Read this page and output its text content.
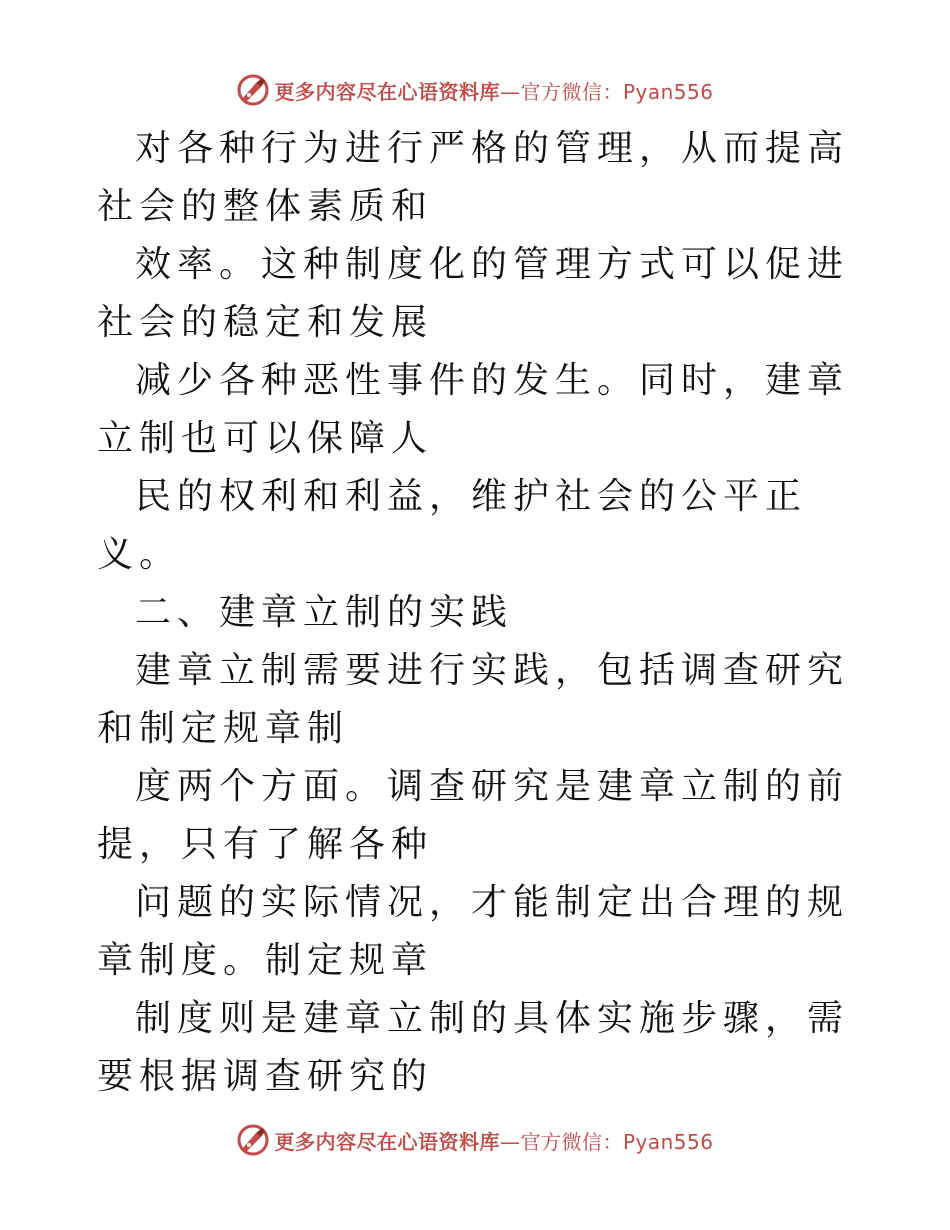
更多内容尽在心语资料库—官方微信：Pyan556

对各种行为进行严格的管理，从而提高社会的整体素质和

效率。这种制度化的管理方式可以促进社会的稳定和发展

减少各种恶性事件的发生。同时，建章立制也可以保障人

民的权利和利益，维护社会的公平正义。

二、建章立制的实践

建章立制需要进行实践，包括调查研究和制定规章制

度两个方面。调查研究是建章立制的前提，只有了解各种

问题的实际情况，才能制定出合理的规章制度。制定规章

制度则是建章立制的具体实施步骤，需要根据调查研究的

更多内容尽在心语资料库—官方微信：Pyan556
